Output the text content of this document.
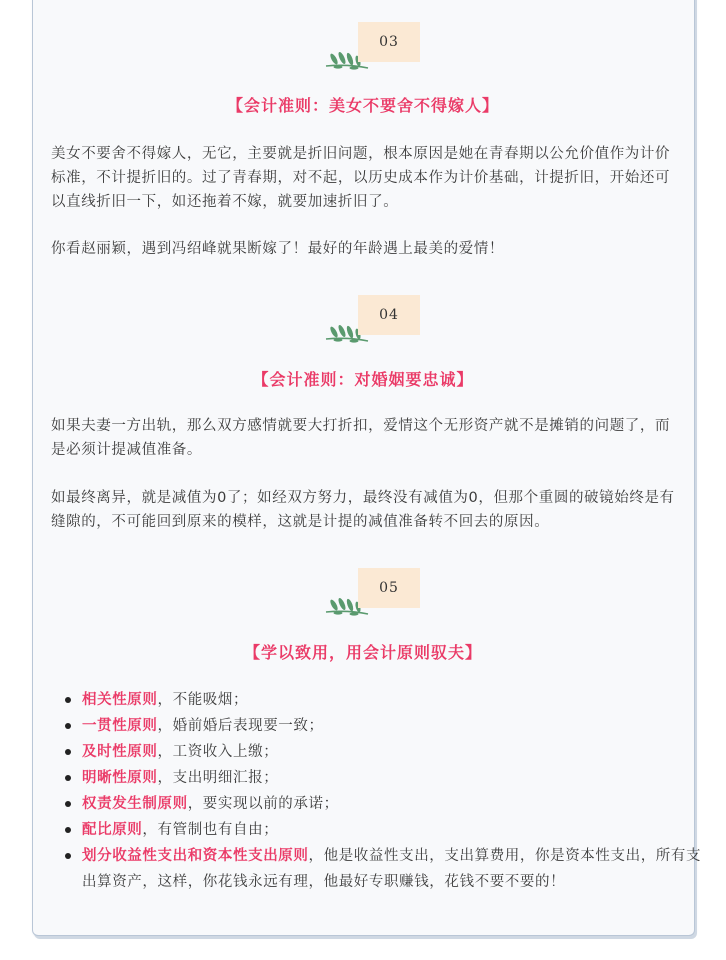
03
【会计准则：美女不要舍不得嫁人】

美女不要舍不得嫁人，无它，主要就是折旧问题，根本原因是她在青春期以公允价值作为计价标准，不计提折旧的。过了青春期，对不起，以历史成本作为计价基础，计提折旧，开始还可以直线折旧一下，如还拖着不嫁，就要加速折旧了。

你看赵丽颖，遇到冯绍峰就果断嫁了！最好的年龄遇上最美的爱情！

04
【会计准则：对婚姻要忠诚】

如果夫妻一方出轨，那么双方感情就要大打折扣，爱情这个无形资产就不是摊销的问题了，而是必须计提减值准备。

如最终离异，就是减值为0了；如经双方努力，最终没有减值为0，但那个重圆的破镜始终是有缝隙的，不可能回到原来的模样，这就是计提的减值准备转不回去的原因。

05
【学以致用，用会计原则驭夫】
相关性原则，不能吸烟；
一贯性原则，婚前婚后表现要一致；
及时性原则，工资收入上缴；
明晰性原则，支出明细汇报；
权责发生制原则，要实现以前的承诺；
配比原则，有管制也有自由；
划分收益性支出和资本性支出原则，他是收益性支出，支出算费用，你是资本性支出，所有支出算资产，这样，你花钱永远有理，他最好专职赚钱，花钱不要不要的！
